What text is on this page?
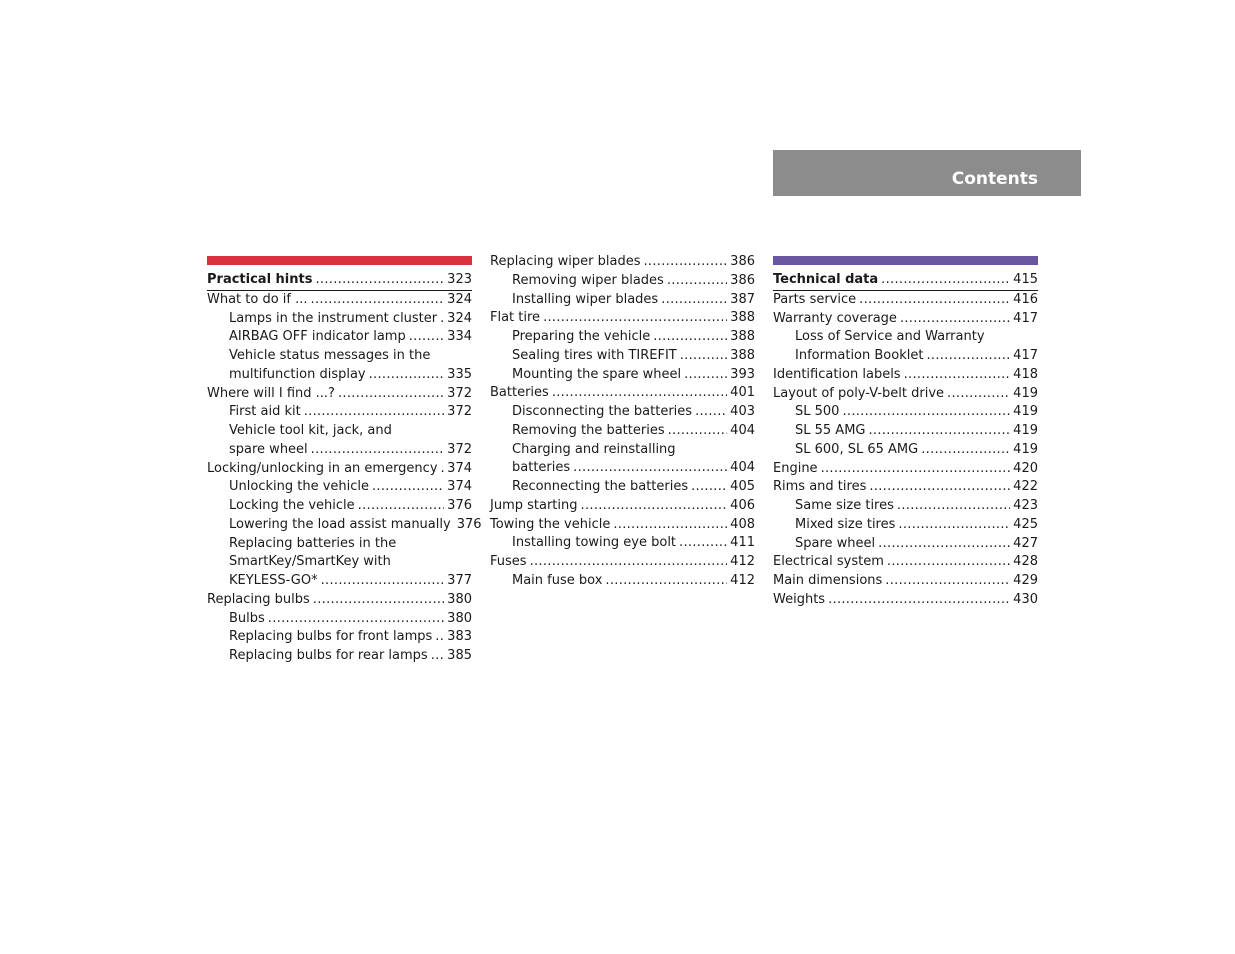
Contents
Practical hints .....	323
What to do if ... .....	324
Lamps in the instrument cluster ..... 324
AIRBAG OFF indicator lamp .....	334
Vehicle status messages in the
multifunction display .....	335
Where will I find ...? .....	372
First aid kit .....	372
Vehicle tool kit, jack, and
spare wheel .....	372
Locking/unlocking in an emergency ..... 374
Unlocking the vehicle .....	374
Locking the vehicle .....	376
Lowering the load assist manually 376
Replacing batteries in the
SmartKey/SmartKey with
KEYLESS-GO* .....	377
Replacing bulbs .....	380
Bulbs .....	380
Replacing bulbs for front lamps ..... 383
Replacing bulbs for rear lamps ..... 385
Replacing wiper blades .....	386
Removing wiper blades .....	386
Installing wiper blades .....	387
Flat tire .....	388
Preparing the vehicle .....	388
Sealing tires with TIREFIT .....	388
Mounting the spare wheel .....	393
Batteries .....	401
Disconnecting the batteries .....	403
Removing the batteries .....	404
Charging and reinstalling
batteries .....	404
Reconnecting the batteries .....	405
Jump starting .....	406
Towing the vehicle .....	408
Installing towing eye bolt .....	411
Fuses .....	412
Main fuse box .....	412
Technical data .....	415
Parts service .....	416
Warranty coverage .....	417
Loss of Service and Warranty
Information Booklet .....	417
Identification labels .....	418
Layout of poly-V-belt drive .....	419
SL 500 .....	419
SL 55 AMG .....	419
SL 600, SL 65 AMG .....	419
Engine .....	420
Rims and tires .....	422
Same size tires .....	423
Mixed size tires .....	425
Spare wheel .....	427
Electrical system .....	428
Main dimensions .....	429
Weights .....	430
